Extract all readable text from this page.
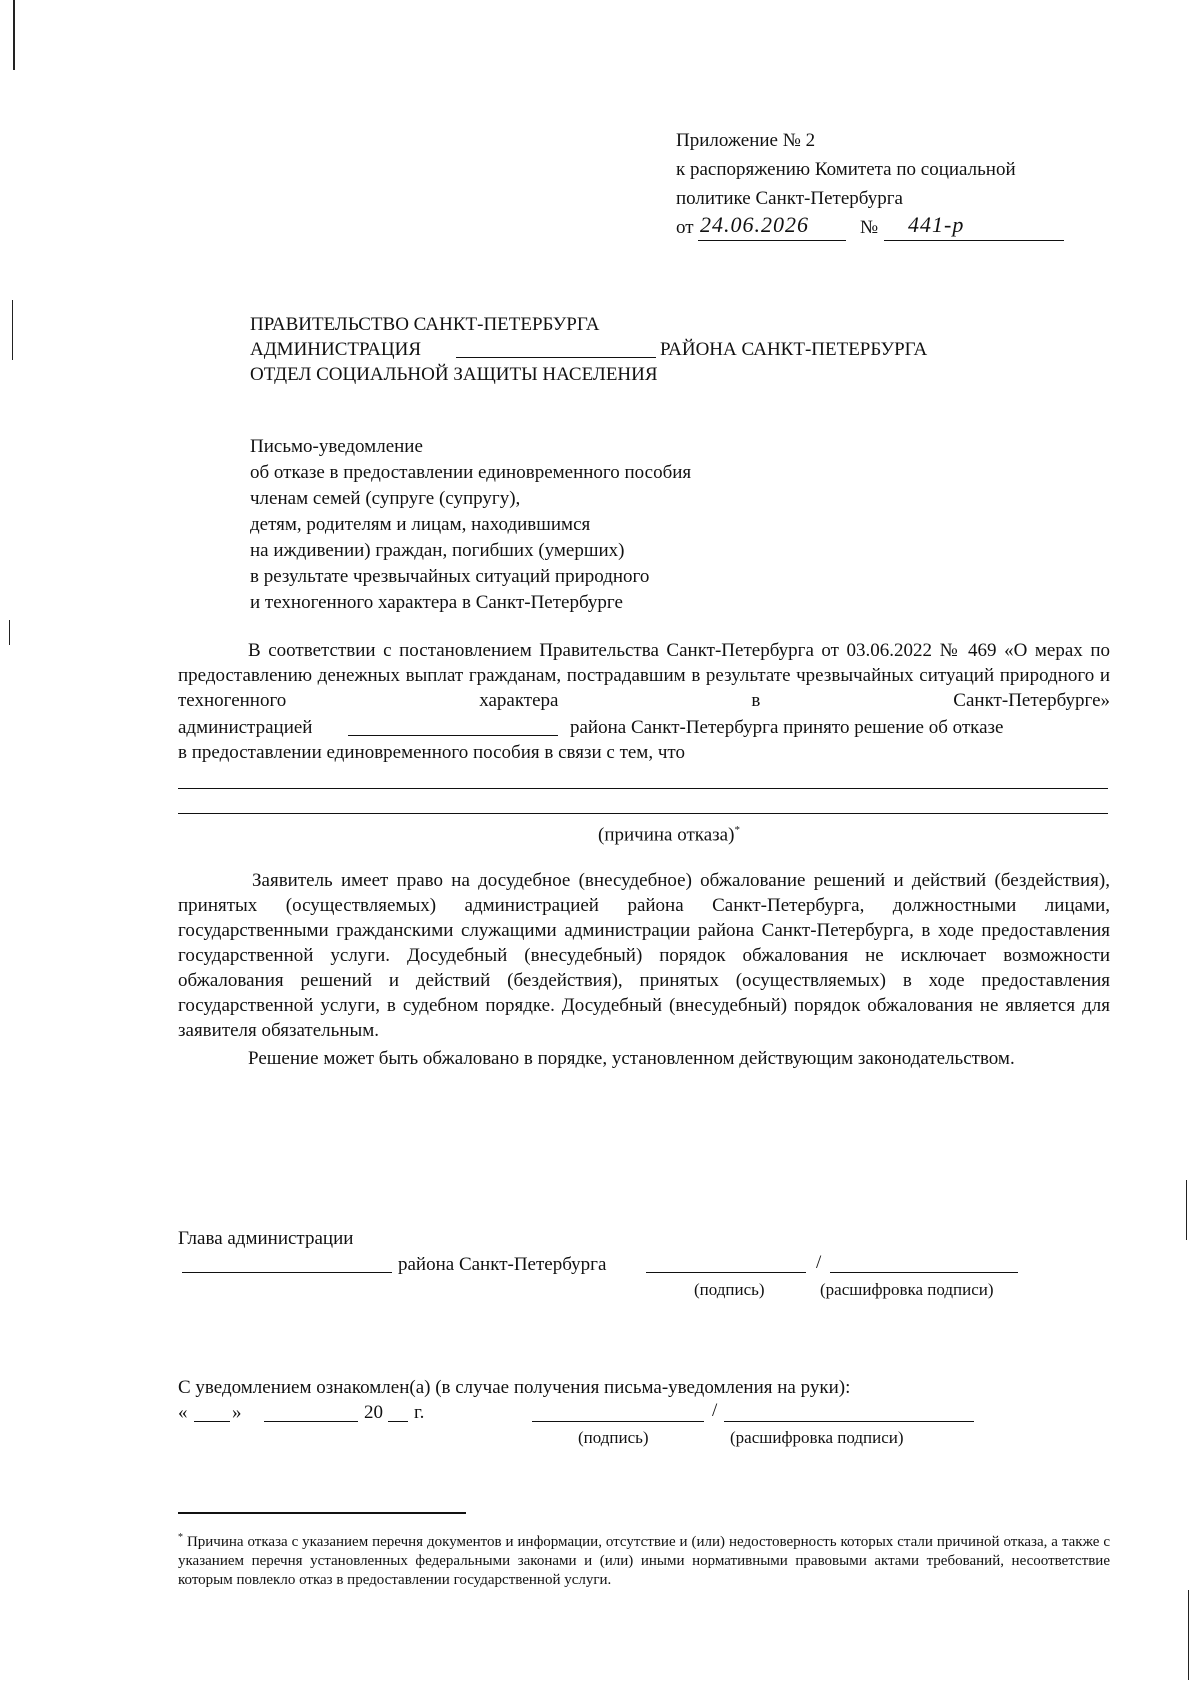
Приложение № 2
к распоряжению Комитета по социальной
политике Санкт-Петербурга
от 24.06.2026	№ 441-р
ПРАВИТЕЛЬСТВО САНКТ-ПЕТЕРБУРГА
АДМИНИСТРАЦИЯ	РАЙОНА САНКТ-ПЕТЕРБУРГА
ОТДЕЛ СОЦИАЛЬНОЙ ЗАЩИТЫ НАСЕЛЕНИЯ
Письмо-уведомление
об отказе в предоставлении единовременного пособия
членам семей (супруге (супругу),
детям, родителям и лицам, находившимся
на иждивении) граждан, погибших (умерших)
в результате чрезвычайных ситуаций природного
и техногенного характера в Санкт-Петербурге

В соответствии с постановлением Правительства Санкт-Петербурга от 03.06.2022 № 469 «О мерах по предоставлению денежных выплат гражданам, пострадавшим в результате чрезвычайных ситуаций природного и техногенного характера в Санкт-Петербурге»

администрацией	района Санкт-Петербурга принято решение об отказе
в предоставлении единовременного пособия в связи с тем, что
(причина отказа)*

Заявитель имеет право на досудебное (внесудебное) обжалование решений и действий (бездействия), принятых (осуществляемых) администрацией района Санкт-Петербурга, должностными лицами, государственными гражданскими служащими администрации района Санкт-Петербурга, в ходе предоставления государственной услуги. Досудебный (внесудебный) порядок обжалования не исключает возможности обжалования решений и действий (бездействия), принятых (осуществляемых) в ходе предоставления государственной услуги, в судебном порядке. Досудебный (внесудебный) порядок обжалования не является для заявителя обязательным.

Решение может быть обжаловано в порядке, установленном действующим законодательством.

Глава администрации
района Санкт-Петербурга	/
(подпись)	(расшифровка подписи)
С уведомлением ознакомлен(а) (в случае получения письма-уведомления на руки):
« »	20 г.	/
(подпись)	(расшифровка подписи)

* Причина отказа с указанием перечня документов и информации, отсутствие и (или) недостоверность которых стали причиной отказа, а также с указанием перечня установленных федеральными законами и (или) иными нормативными правовыми актами требований, несоответствие которым повлекло отказ в предоставлении государственной услуги.
